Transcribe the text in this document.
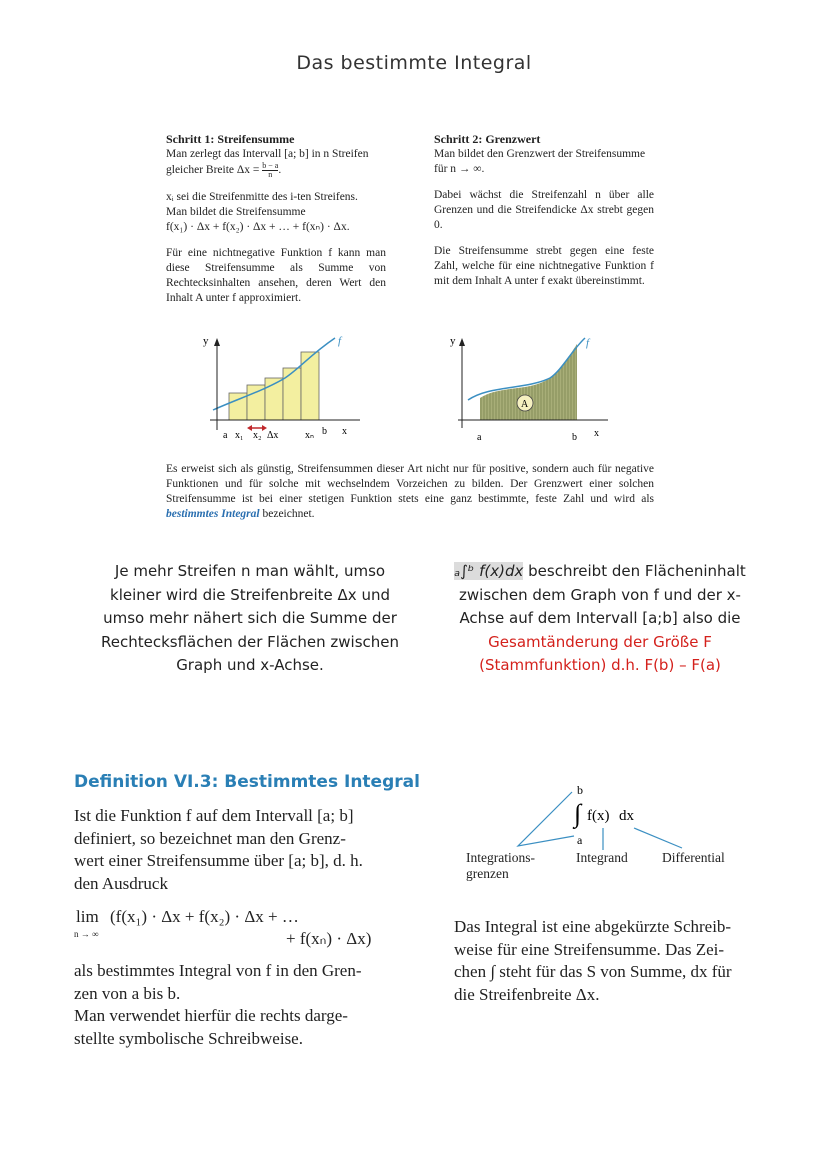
Das bestimmte Integral
Schritt 1: Streifensumme
Man zerlegt das Intervall [a; b] in n Streifen
gleicher Breite $\Delta x = \frac{b - a}{n}$ .
xᵢ sei die Streifenmitte des i-ten Streifens.
Man bildet die Streifensumme
f(x₁) · Δx + f(x₂) · Δx + … + f(xₙ) · Δx.
Für eine nichtnegative Funktion f kann man diese Streifensumme als Summe von Rechtecksinhalten ansehen, deren Wert den Inhalt A unter f approximiert.
Schritt 2: Grenzwert
Man bildet den Grenzwert der Streifensumme für n → ∞.
Dabei wächst die Streifenzahl n über alle Grenzen und die Streifendicke Δx strebt gegen 0.
Die Streifensumme strebt gegen eine feste Zahl, welche für eine nichtnegative Funktion f mit dem Inhalt A unter f exakt übereinstimmt.
y	f
a x₁ x₂ Δx	xₙ b x
A
y	f
a	b x
Es erweist sich als günstig, Streifensummen dieser Art nicht nur für positive, sondern auch für negative Funktionen und für solche mit wechselndem Vorzeichen zu bilden. Der Grenzwert einer solchen Streifensumme ist bei einer stetigen Funktion stets eine ganz bestimmte, feste Zahl und wird als bestimmtes Integral bezeichnet.
Je mehr Streifen n man wählt, umso
kleiner wird die Streifenbreite Δx und
umso mehr nähert sich die Summe der
Rechtecksflächen der Flächen zwischen
Graph und x-Achse.
ₐ∫ᵇ f(x)dx beschreibt den Flächeninhalt
zwischen dem Graph von f und der x-
Achse auf dem Intervall [a;b] also die
Gesamtänderung der Größe F
(Stammfunktion) d.h. F(b) – F(a)
Definition VI.3: Bestimmtes Integral
Ist die Funktion f auf dem Intervall [a; b]
definiert, so bezeichnet man den Grenz-
wert einer Streifensumme über [a; b], d. h.
den Ausdruck
lim
n → ∞
(f(x₁) · Δx + f(x₂) · Δx + …
+ f(xₙ) · Δx)
als bestimmtes Integral von f in den Gren-
zen von a bis b.
Man verwendet hierfür die rechts darge-
stellte symbolische Schreibweise.
b
∫ f(x) dx
a
Integrations-
grenzen
Integrand	Differential
Das Integral ist eine abgekürzte Schreib-
weise für eine Streifensumme. Das Zei-
chen ∫ steht für das S von Summe, dx für
die Streifenbreite Δx.
